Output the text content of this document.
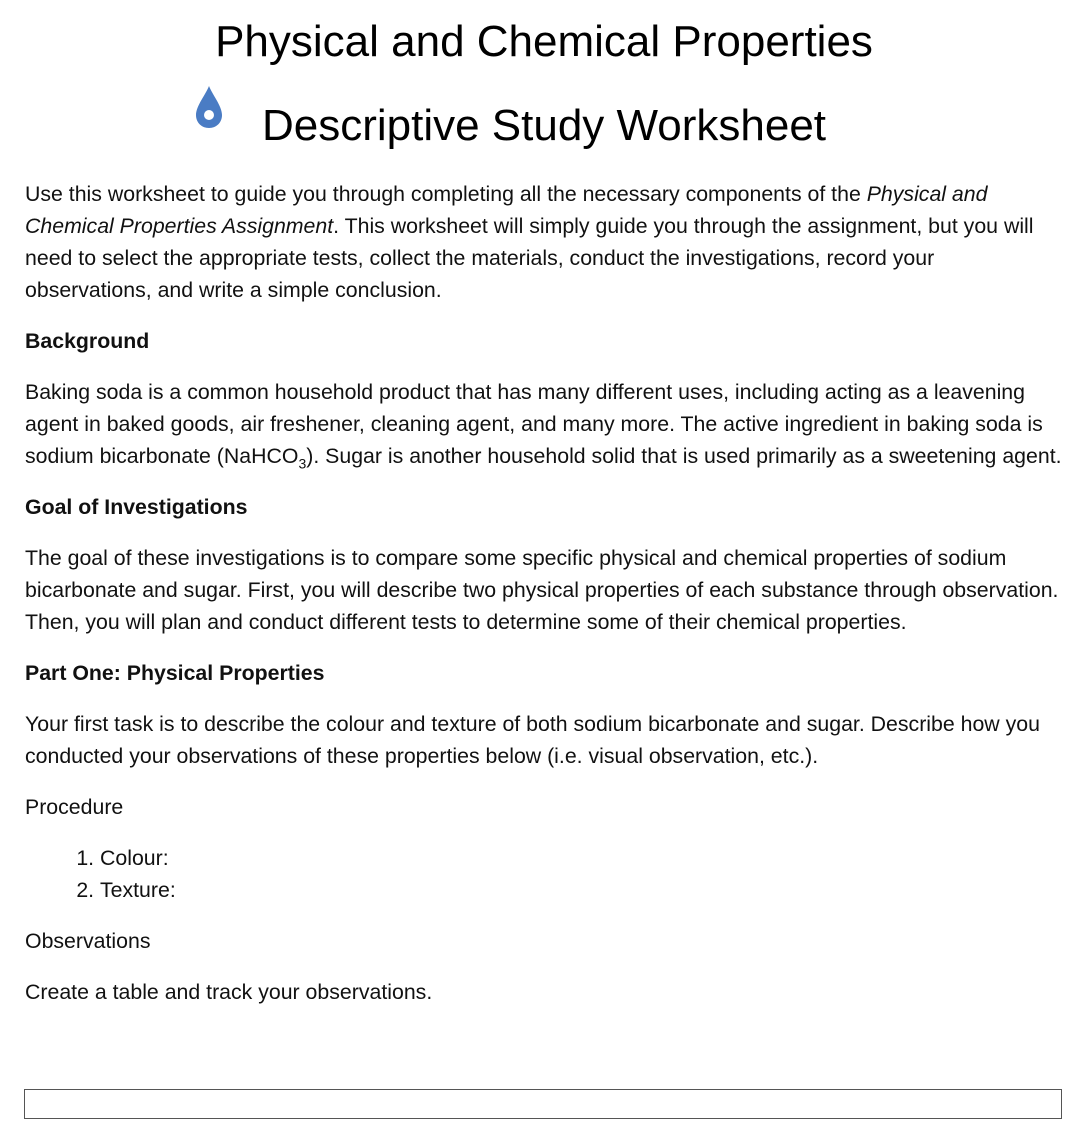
Physical and Chemical Properties
Descriptive Study Worksheet

Use this worksheet to guide you through completing all the necessary components of the Physical and Chemical Properties Assignment. This worksheet will simply guide you through the assignment, but you will need to select the appropriate tests, collect the materials, conduct the investigations, record your observations, and write a simple conclusion.

Background

Baking soda is a common household product that has many different uses, including acting as a leavening agent in baked goods, air freshener, cleaning agent, and many more. The active ingredient in baking soda is sodium bicarbonate (NaHCO$_3$). Sugar is another household solid that is used primarily as a sweetening agent.

Goal of Investigations

The goal of these investigations is to compare some specific physical and chemical properties of sodium bicarbonate and sugar. First, you will describe two physical properties of each substance through observation. Then, you will plan and conduct different tests to determine some of their chemical properties.

Part One: Physical Properties

Your first task is to describe the colour and texture of both sodium bicarbonate and sugar. Describe how you conducted your observations of these properties below (i.e. visual observation, etc.).

Procedure

1. Colour:
2. Texture:

Observations

Create a table and track your observations.
